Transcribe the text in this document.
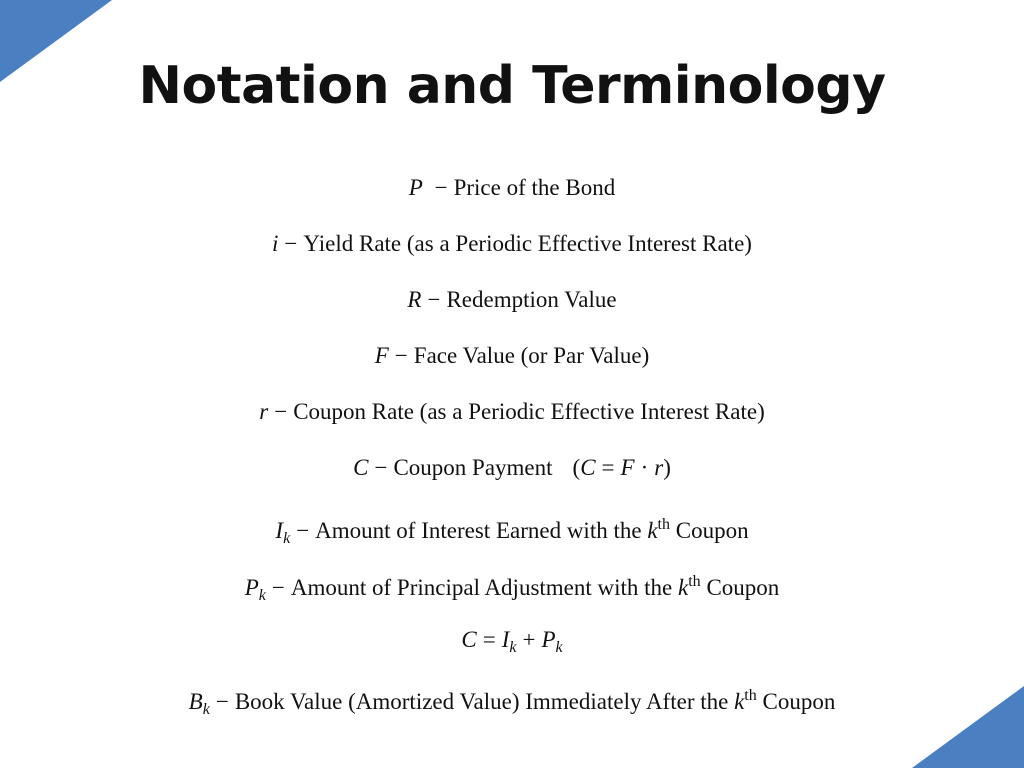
Notation and Terminology
P − Price of the Bond
i − Yield Rate (as a Periodic Effective Interest Rate)
R − Redemption Value
F − Face Value (or Par Value)
r − Coupon Rate (as a Periodic Effective Interest Rate)
C − Coupon Payment (C = F · r)
$I_k$ − Amount of Interest Earned with the $k^{th}$ Coupon
$P_k$ − Amount of Principal Adjustment with the $k^{th}$ Coupon
$C = I_k + P_k$
$B_k$ − Book Value (Amortized Value) Immediately After the $k^{th}$ Coupon
